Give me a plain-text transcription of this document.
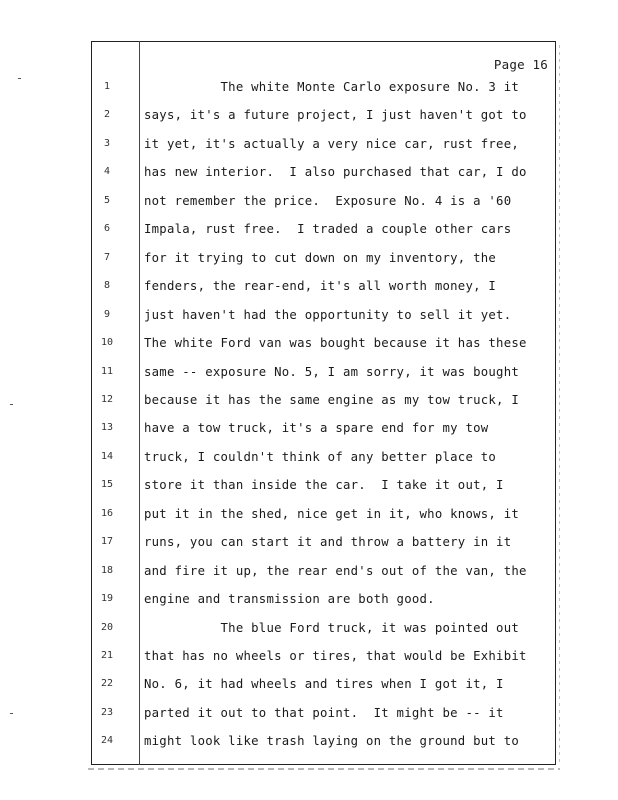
Page 16
1	The white Monte Carlo exposure No. 3 it
2	says, it's a future project, I just haven't got to
3	it yet, it's actually a very nice car, rust free,
4	has new interior.  I also purchased that car, I do
5	not remember the price.  Exposure No. 4 is a '60
6	Impala, rust free.  I traded a couple other cars
7	for it trying to cut down on my inventory, the
8	fenders, the rear-end, it's all worth money, I
9	just haven't had the opportunity to sell it yet.
10	The white Ford van was bought because it has these
11	same -- exposure No. 5, I am sorry, it was bought
12	because it has the same engine as my tow truck, I
13	have a tow truck, it's a spare end for my tow
14	truck, I couldn't think of any better place to
15	store it than inside the car.  I take it out, I
16	put it in the shed, nice get in it, who knows, it
17	runs, you can start it and throw a battery in it
18	and fire it up, the rear end's out of the van, the
19	engine and transmission are both good.
20	The blue Ford truck, it was pointed out
21	that has no wheels or tires, that would be Exhibit
22	No. 6, it had wheels and tires when I got it, I
23	parted it out to that point.  It might be -- it
24	might look like trash laying on the ground but to
